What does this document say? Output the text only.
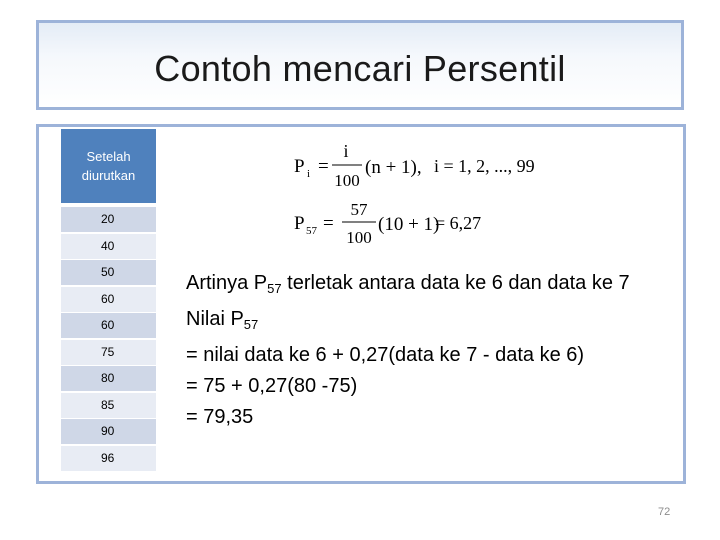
Contoh mencari Persentil
Setelah diurutkan
20
40
50
60
60
75
80
85
90
96
P i =
i
100
(n + 1), i = 1, 2, ..., 99
P 57 =
57
100
(10 + 1)
= 6,27
Artinya $P_{57}$ terletak antara data ke 6 dan data ke 7
Nilai $P_{57}$
= nilai data ke 6 + 0,27(data ke 7 - data ke 6)
= 75 + 0,27(80 -75)
= 79,35
72
